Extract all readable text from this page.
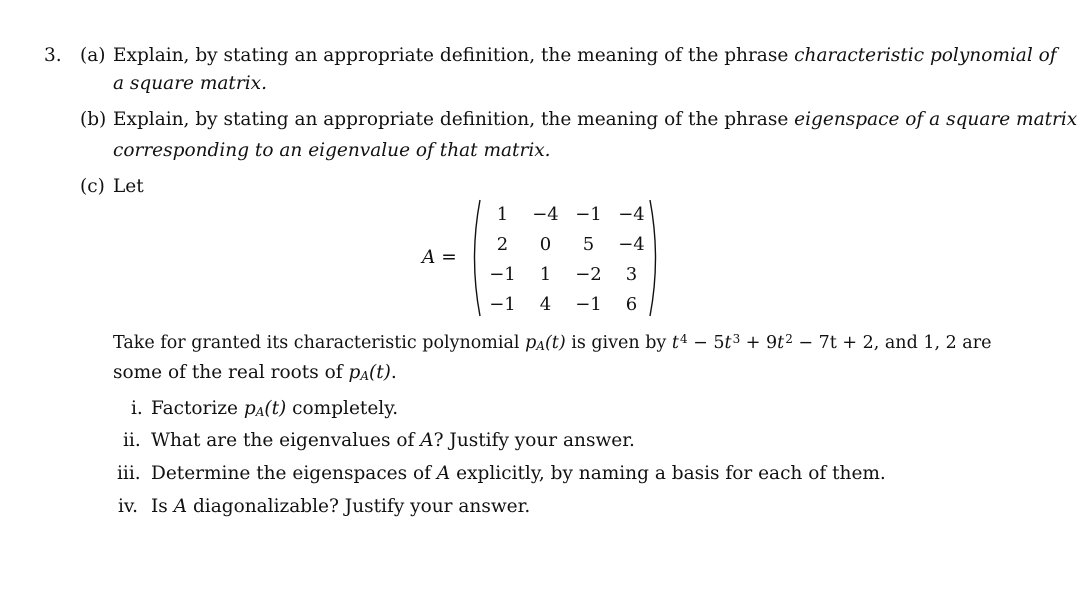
3. (a) Explain, by stating an appropriate definition, the meaning of the phrase characteristic polynomial of
a square matrix.
(b) Explain, by stating an appropriate definition, the meaning of the phrase eigenspace of a square matrix
corresponding to an eigenvalue of that matrix.
(c) Let
A =
1	−4	−1	−4
2	0	5	−4
−1	1	−2	3
−1	4	−1	6
Take for granted its characteristic polynomial $p_A(t)$ is given by $t^4 - 5t^3 + 9t^2 - 7t + 2$, and 1, 2 are
some of the real roots of $p_A(t)$.
i. Factorize $p_A(t)$ completely.
ii. What are the eigenvalues of A? Justify your answer.
iii. Determine the eigenspaces of A explicitly, by naming a basis for each of them.
iv. Is A diagonalizable? Justify your answer.
